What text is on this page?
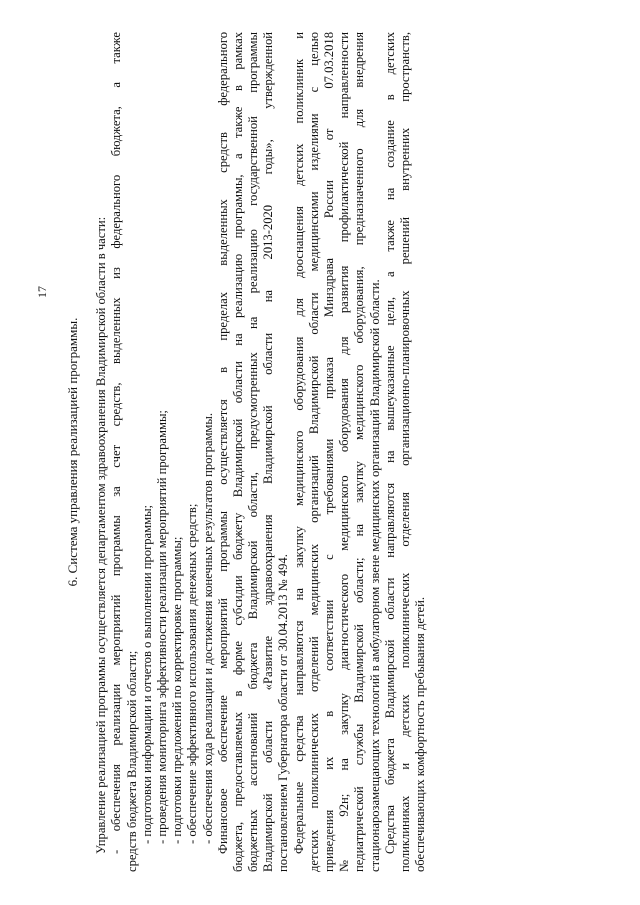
17
6. Система управления реализацией программы. Управление реализацией программы осуществляется департаментом здравоохранения Владимирской области в части: - обеспечения реализации мероприятий программы за счет средств, выделенных из федерального бюджета, а также средств бюджета Владимирской области; - подготовки информации и отчетов о выполнении программы; - проведения мониторинга эффективности реализации мероприятий программы; - подготовки предложений по корректировке программы; - обеспечение эффективного использования денежных средств; - обеспечения хода реализации и достижения конечных результатов программы. Финансовое обеспечение мероприятий программы осуществляется в пределах выделенных средств федерального бюджета, предоставляемых в форме субсидии бюджету Владимирской области на реализацию программы, а также в рамках бюджетных ассигнований бюджета Владимирской области, предусмотренных на реализацию государственной программы Владимирской области «Развитие здравоохранения Владимирской области на 2013-2020 годы», утвержденной постановлением Губернатора области от 30.04.2013 № 494. Федеральные средства направляются на закупку медицинского оборудования для дооснащения детских поликлиник и детских поликлинических отделений медицинских организаций Владимирской области медицинскими изделиями с целью приведения их в соответствии с требованиями приказа Минздрава России от 07.03.2018 № 92н; на закупку диагностического медицинского оборудования для развития профилактической направленности педиатрической службы Владимирской области; на закупку медицинского оборудования, предназначенного для внедрения стационарозамещающих технологий в амбулаторном звене медицинских организаций Владимирской области. Средства бюджета Владимирской области направляются на вышеуказанные цели, а также на создание в детских поликлиниках и детских поликлинических отделения организационно-планировочных решений внутренних пространств, обеспечивающих комфортность пребывания детей.
